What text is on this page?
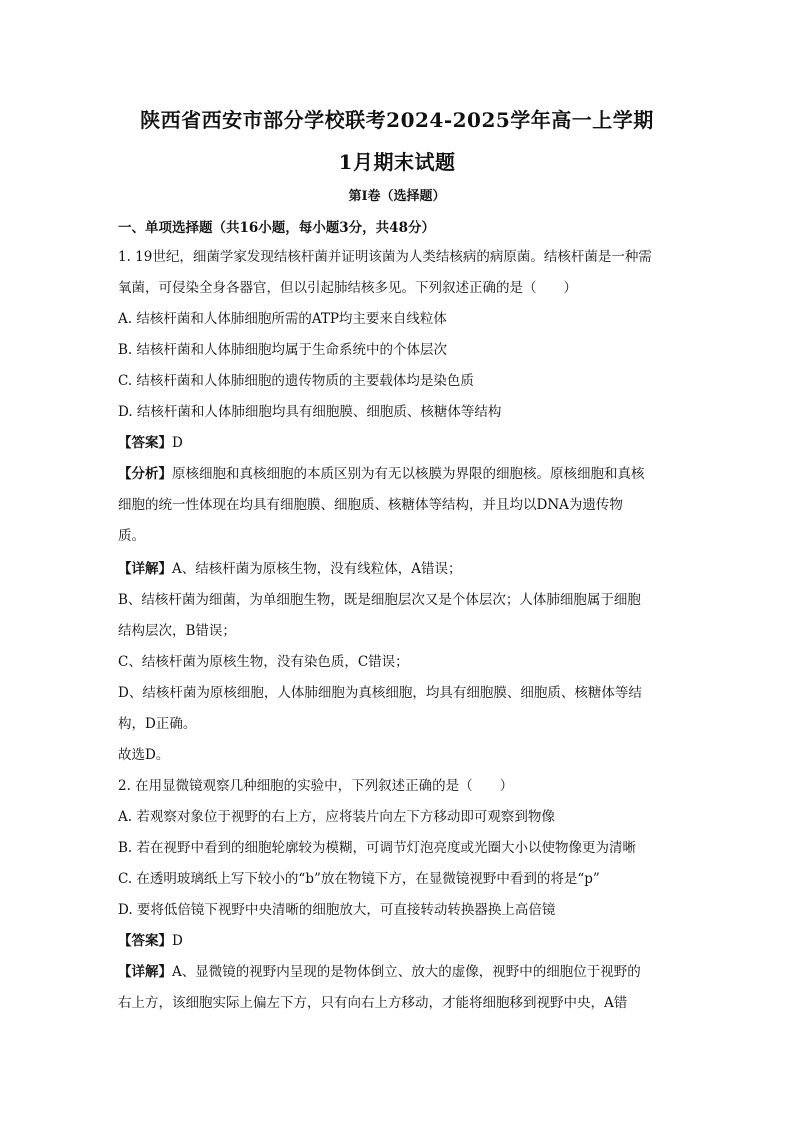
陕西省西安市部分学校联考2024-2025学年高一上学期
1月期末试题
第I卷（选择题）
一、单项选择题（共16小题，每小题3分，共48分）
1. 19世纪，细菌学家发现结核杆菌并证明该菌为人类结核病的病原菌。结核杆菌是一种需
氧菌，可侵染全身各器官，但以引起肺结核多见。下列叙述正确的是（　　）
A. 结核杆菌和人体肺细胞所需的ATP均主要来自线粒体
B. 结核杆菌和人体肺细胞均属于生命系统中的个体层次
C. 结核杆菌和人体肺细胞的遗传物质的主要载体均是染色质
D. 结核杆菌和人体肺细胞均具有细胞膜、细胞质、核糖体等结构
【答案】D
【分析】原核细胞和真核细胞的本质区别为有无以核膜为界限的细胞核。原核细胞和真核
细胞的统一性体现在均具有细胞膜、细胞质、核糖体等结构，并且均以DNA为遗传物
质。
【详解】A、结核杆菌为原核生物，没有线粒体，A错误；
B、结核杆菌为细菌，为单细胞生物，既是细胞层次又是个体层次；人体肺细胞属于细胞
结构层次，B错误；
C、结核杆菌为原核生物，没有染色质，C错误；
D、结核杆菌为原核细胞，人体肺细胞为真核细胞，均具有细胞膜、细胞质、核糖体等结
构，D正确。
故选D。
2. 在用显微镜观察几种细胞的实验中，下列叙述正确的是（　　）
A. 若观察对象位于视野的右上方，应将装片向左下方移动即可观察到物像
B. 若在视野中看到的细胞轮廓较为模糊，可调节灯泡亮度或光圈大小以使物像更为清晰
C. 在透明玻璃纸上写下较小的“b”放在物镜下方，在显微镜视野中看到的将是“p”
D. 要将低倍镜下视野中央清晰的细胞放大，可直接转动转换器换上高倍镜
【答案】D
【详解】A、显微镜的视野内呈现的是物体倒立、放大的虚像，视野中的细胞位于视野的
右上方，该细胞实际上偏左下方，只有向右上方移动，才能将细胞移到视野中央，A错
